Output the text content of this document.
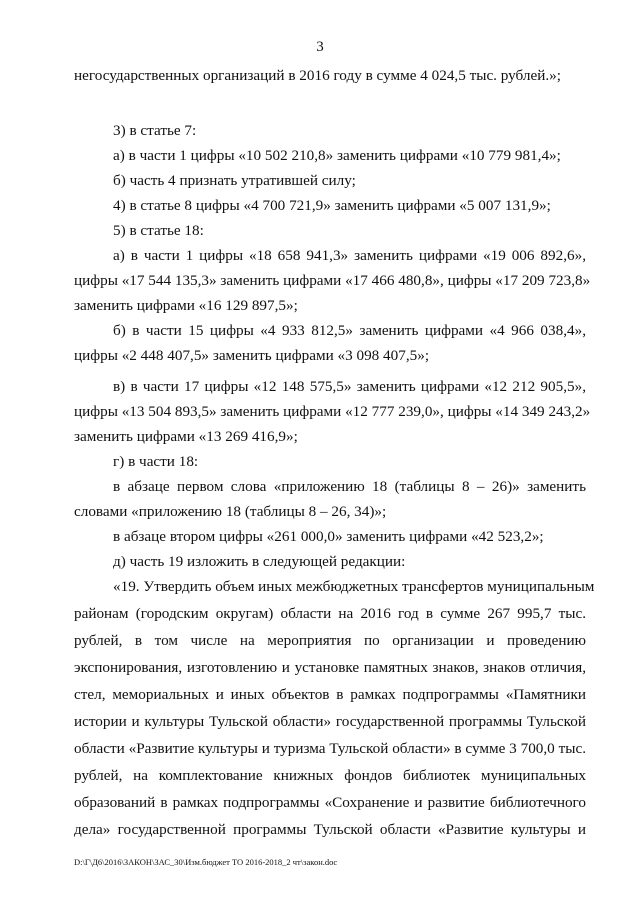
3
негосударственных организаций в 2016 году в сумме 4 024,5 тыс. рублей.»;
3) в статье 7:
а) в части 1 цифры «10 502 210,8» заменить цифрами «10 779 981,4»;
б) часть 4 признать утратившей силу;
4) в статье 8 цифры «4 700 721,9» заменить цифрами «5 007 131,9»;
5) в статье 18:
а) в части 1 цифры «18 658 941,3» заменить цифрами «19 006 892,6»,
цифры «17 544 135,3» заменить цифрами «17 466 480,8», цифры «17 209 723,8»
заменить цифрами «16 129 897,5»;
б) в части 15 цифры «4 933 812,5» заменить цифрами «4 966 038,4»,
цифры «2 448 407,5» заменить цифрами «3 098 407,5»;
в) в части 17 цифры «12 148 575,5» заменить цифрами «12 212 905,5»,
цифры «13 504 893,5» заменить цифрами «12 777 239,0», цифры «14 349 243,2»
заменить цифрами «13 269 416,9»;
г) в части 18:
в абзаце первом слова «приложению 18 (таблицы 8 – 26)» заменить
словами «приложению 18 (таблицы 8 – 26, 34)»;
в абзаце втором цифры «261 000,0» заменить цифрами «42 523,2»;
д) часть 19 изложить в следующей редакции:
«19. Утвердить объем иных межбюджетных трансфертов муниципальным
районам (городским округам) области на 2016 год в сумме 267 995,7 тыс.
рублей, в том числе на мероприятия по организации и проведению
экспонирования, изготовлению и установке памятных знаков, знаков отличия,
стел, мемориальных и иных объектов в рамках подпрограммы «Памятники
истории и культуры Тульской области» государственной программы Тульской
области «Развитие культуры и туризма Тульской области» в сумме 3 700,0 тыс.
рублей, на комплектование книжных фондов библиотек муниципальных
образований в рамках подпрограммы «Сохранение и развитие библиотечного
дела» государственной программы Тульской области «Развитие культуры и
D:\Г\Д6\2016\ЗАКОН\ЗАС_30\Изм.бюджет ТО 2016-2018_2 чт\закон.doc
